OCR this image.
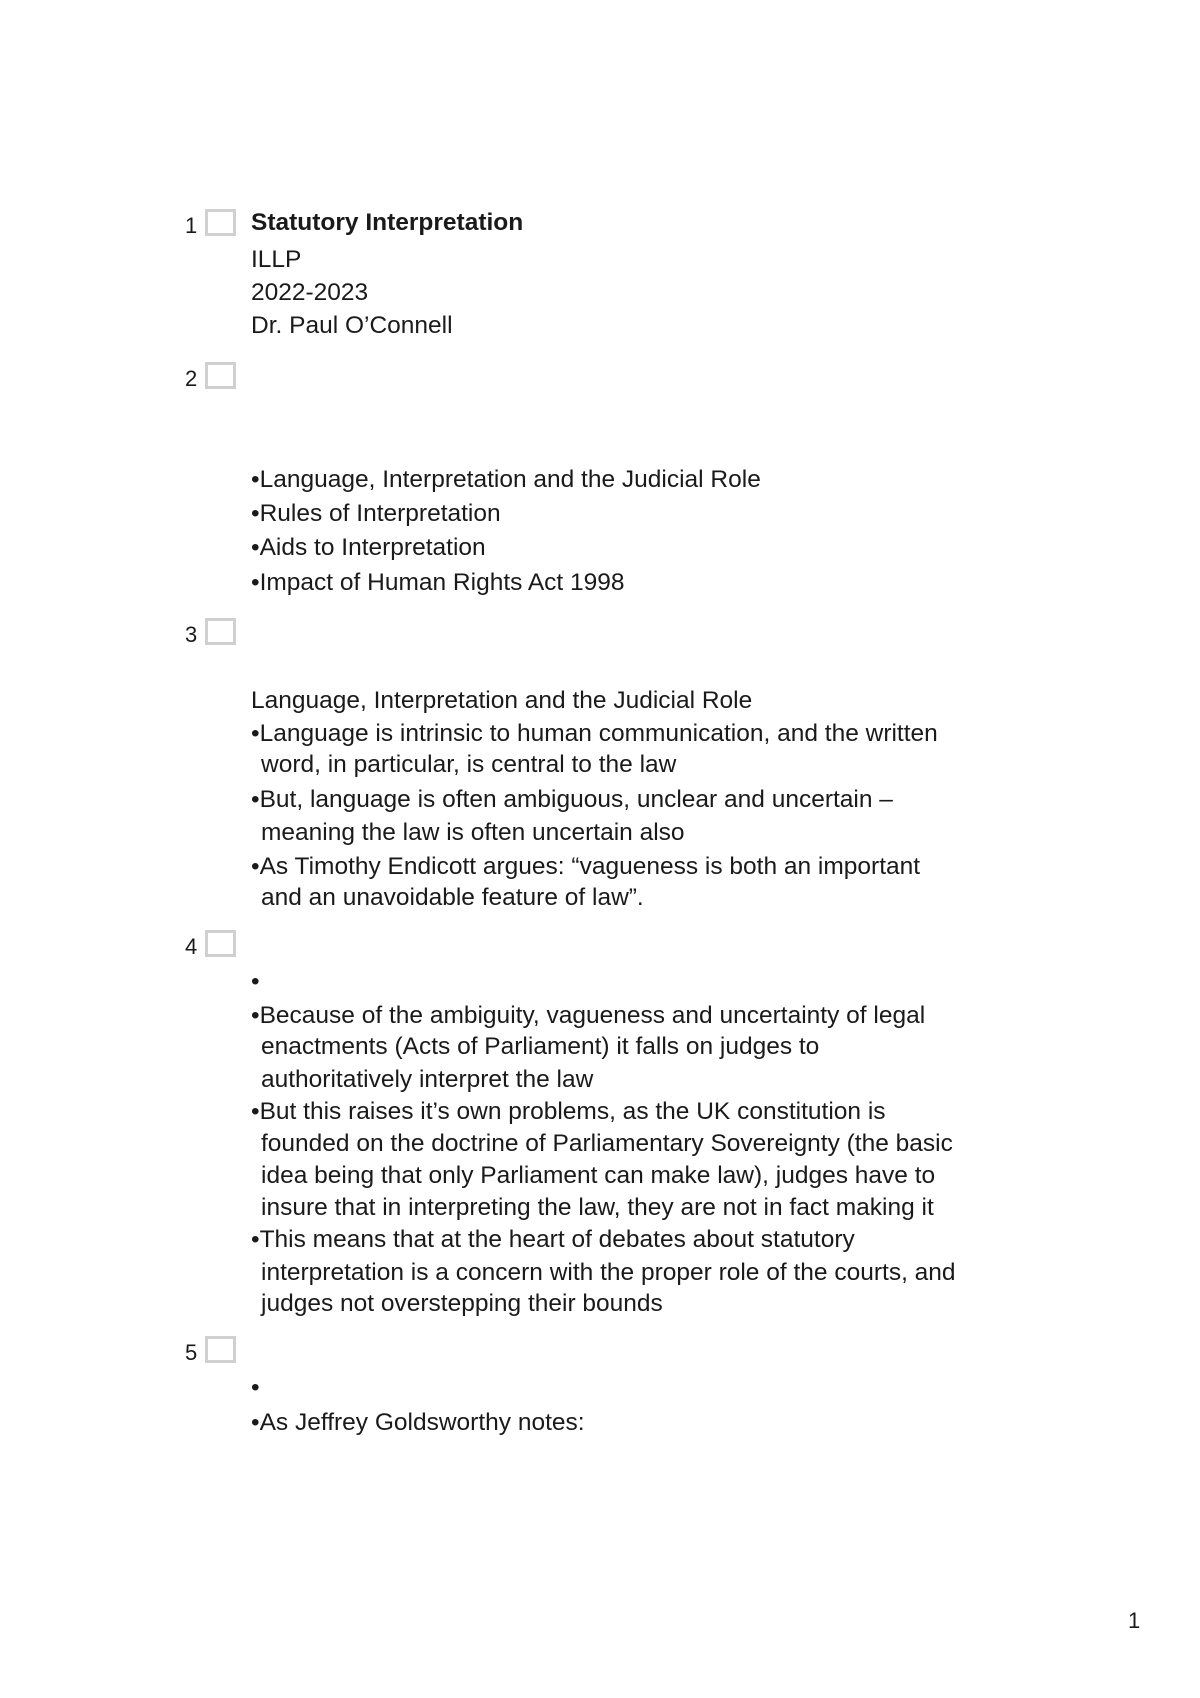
1 Statutory Interpretation
ILLP
2022-2023
Dr. Paul O’Connell
2
•Language, Interpretation and the Judicial Role
•Rules of Interpretation
•Aids to Interpretation
•Impact of Human Rights Act 1998
3
Language, Interpretation and the Judicial Role
•Language is intrinsic to human communication, and the written
word, in particular, is central to the law
•But, language is often ambiguous, unclear and uncertain –
meaning the law is often uncertain also
•As Timothy Endicott argues: “vagueness is both an important
and an unavoidable feature of law”.
4
•
•Because of the ambiguity, vagueness and uncertainty of legal
enactments (Acts of Parliament) it falls on judges to
authoritatively interpret the law
•But this raises it’s own problems, as the UK constitution is
founded on the doctrine of Parliamentary Sovereignty (the basic
idea being that only Parliament can make law), judges have to
insure that in interpreting the law, they are not in fact making it
•This means that at the heart of debates about statutory
interpretation is a concern with the proper role of the courts, and
judges not overstepping their bounds
5
•
•As Jeffrey Goldsworthy notes:
1
